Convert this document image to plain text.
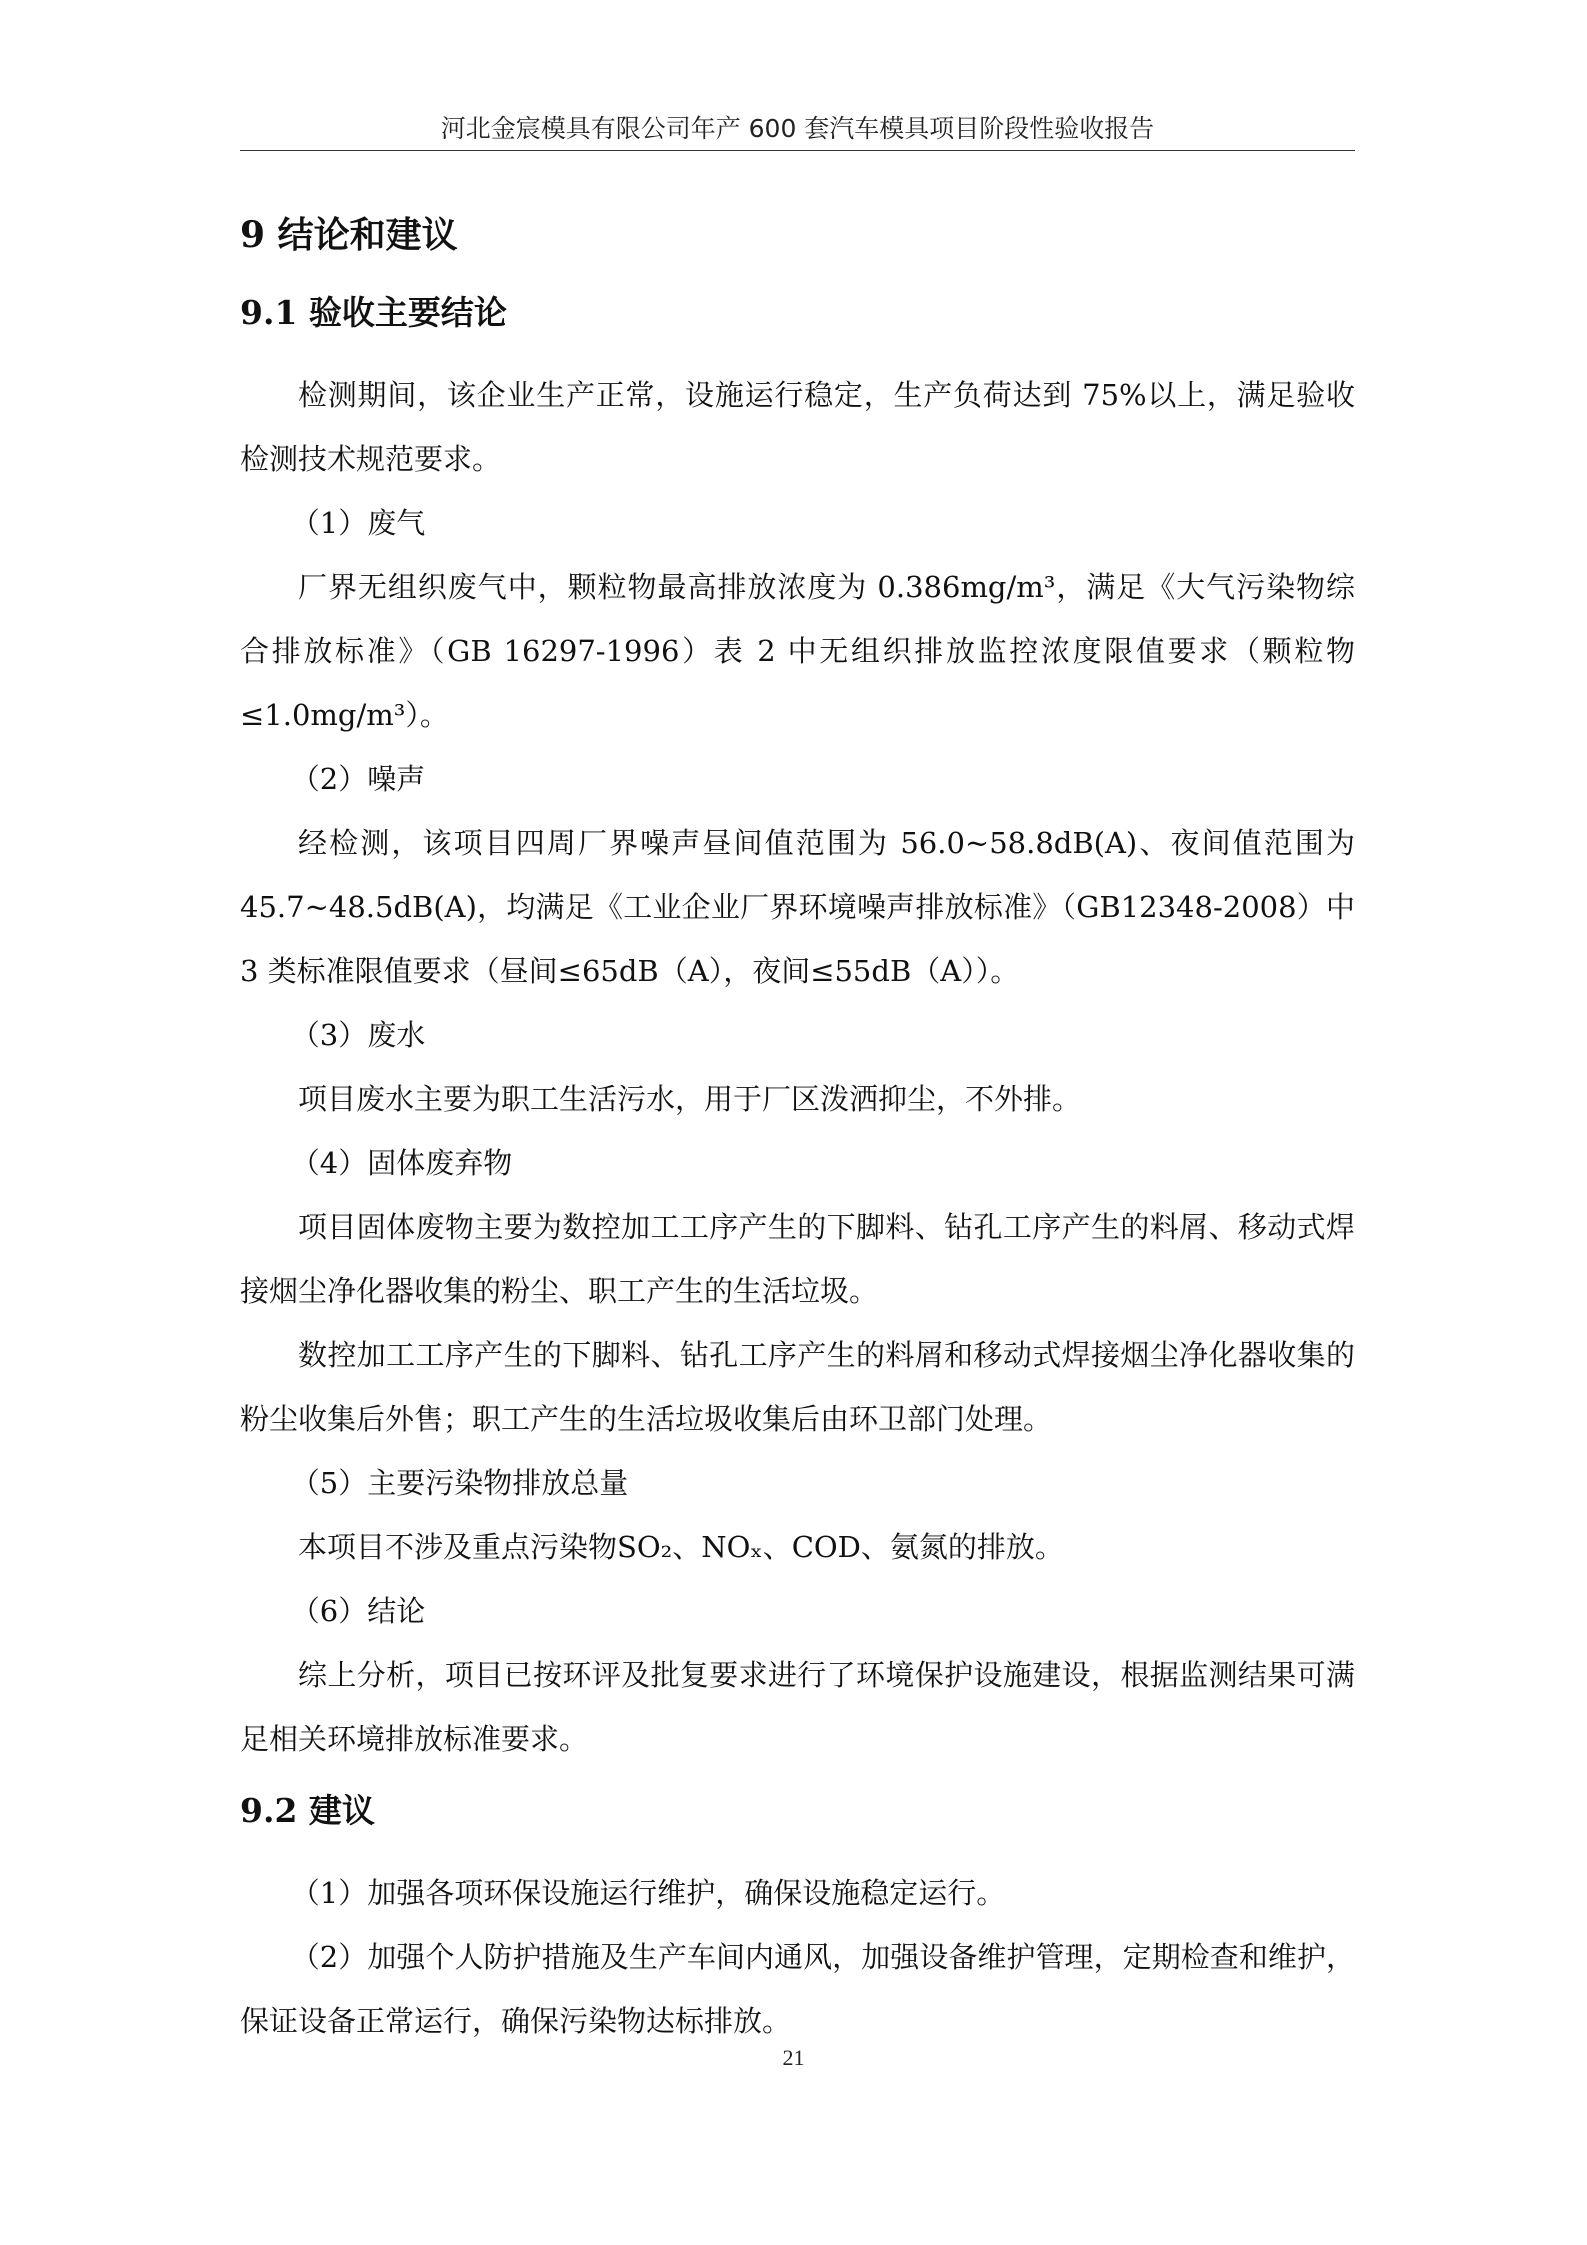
河北金宸模具有限公司年产 600 套汽车模具项目阶段性验收报告
9 结论和建议
9.1 验收主要结论

检测期间，该企业生产正常，设施运行稳定，生产负荷达到 75%以上，满足验收检测技术规范要求。

（1）废气

厂界无组织废气中，颗粒物最高排放浓度为 0.386mg/m³，满足《大气污染物综合排放标准》（GB 16297-1996）表 2 中无组织排放监控浓度限值要求（颗粒物≤1.0mg/m³）。

（2）噪声

经检测，该项目四周厂界噪声昼间值范围为 56.0~58.8dB(A)、夜间值范围为 45.7~48.5dB(A)，均满足《工业企业厂界环境噪声排放标准》（GB12348-2008）中 3 类标准限值要求（昼间≤65dB（A），夜间≤55dB（A））。

（3）废水

项目废水主要为职工生活污水，用于厂区泼洒抑尘，不外排。

（4）固体废弃物

项目固体废物主要为数控加工工序产生的下脚料、钻孔工序产生的料屑、移动式焊接烟尘净化器收集的粉尘、职工产生的生活垃圾。

数控加工工序产生的下脚料、钻孔工序产生的料屑和移动式焊接烟尘净化器收集的粉尘收集后外售；职工产生的生活垃圾收集后由环卫部门处理。

（5）主要污染物排放总量

本项目不涉及重点污染物SO₂、NOₓ、COD、氨氮的排放。

（6）结论

综上分析，项目已按环评及批复要求进行了环境保护设施建设，根据监测结果可满足相关环境排放标准要求。

9.2 建议

（1）加强各项环保设施运行维护，确保设施稳定运行。

（2）加强个人防护措施及生产车间内通风，加强设备维护管理，定期检查和维护，保证设备正常运行，确保污染物达标排放。

21
